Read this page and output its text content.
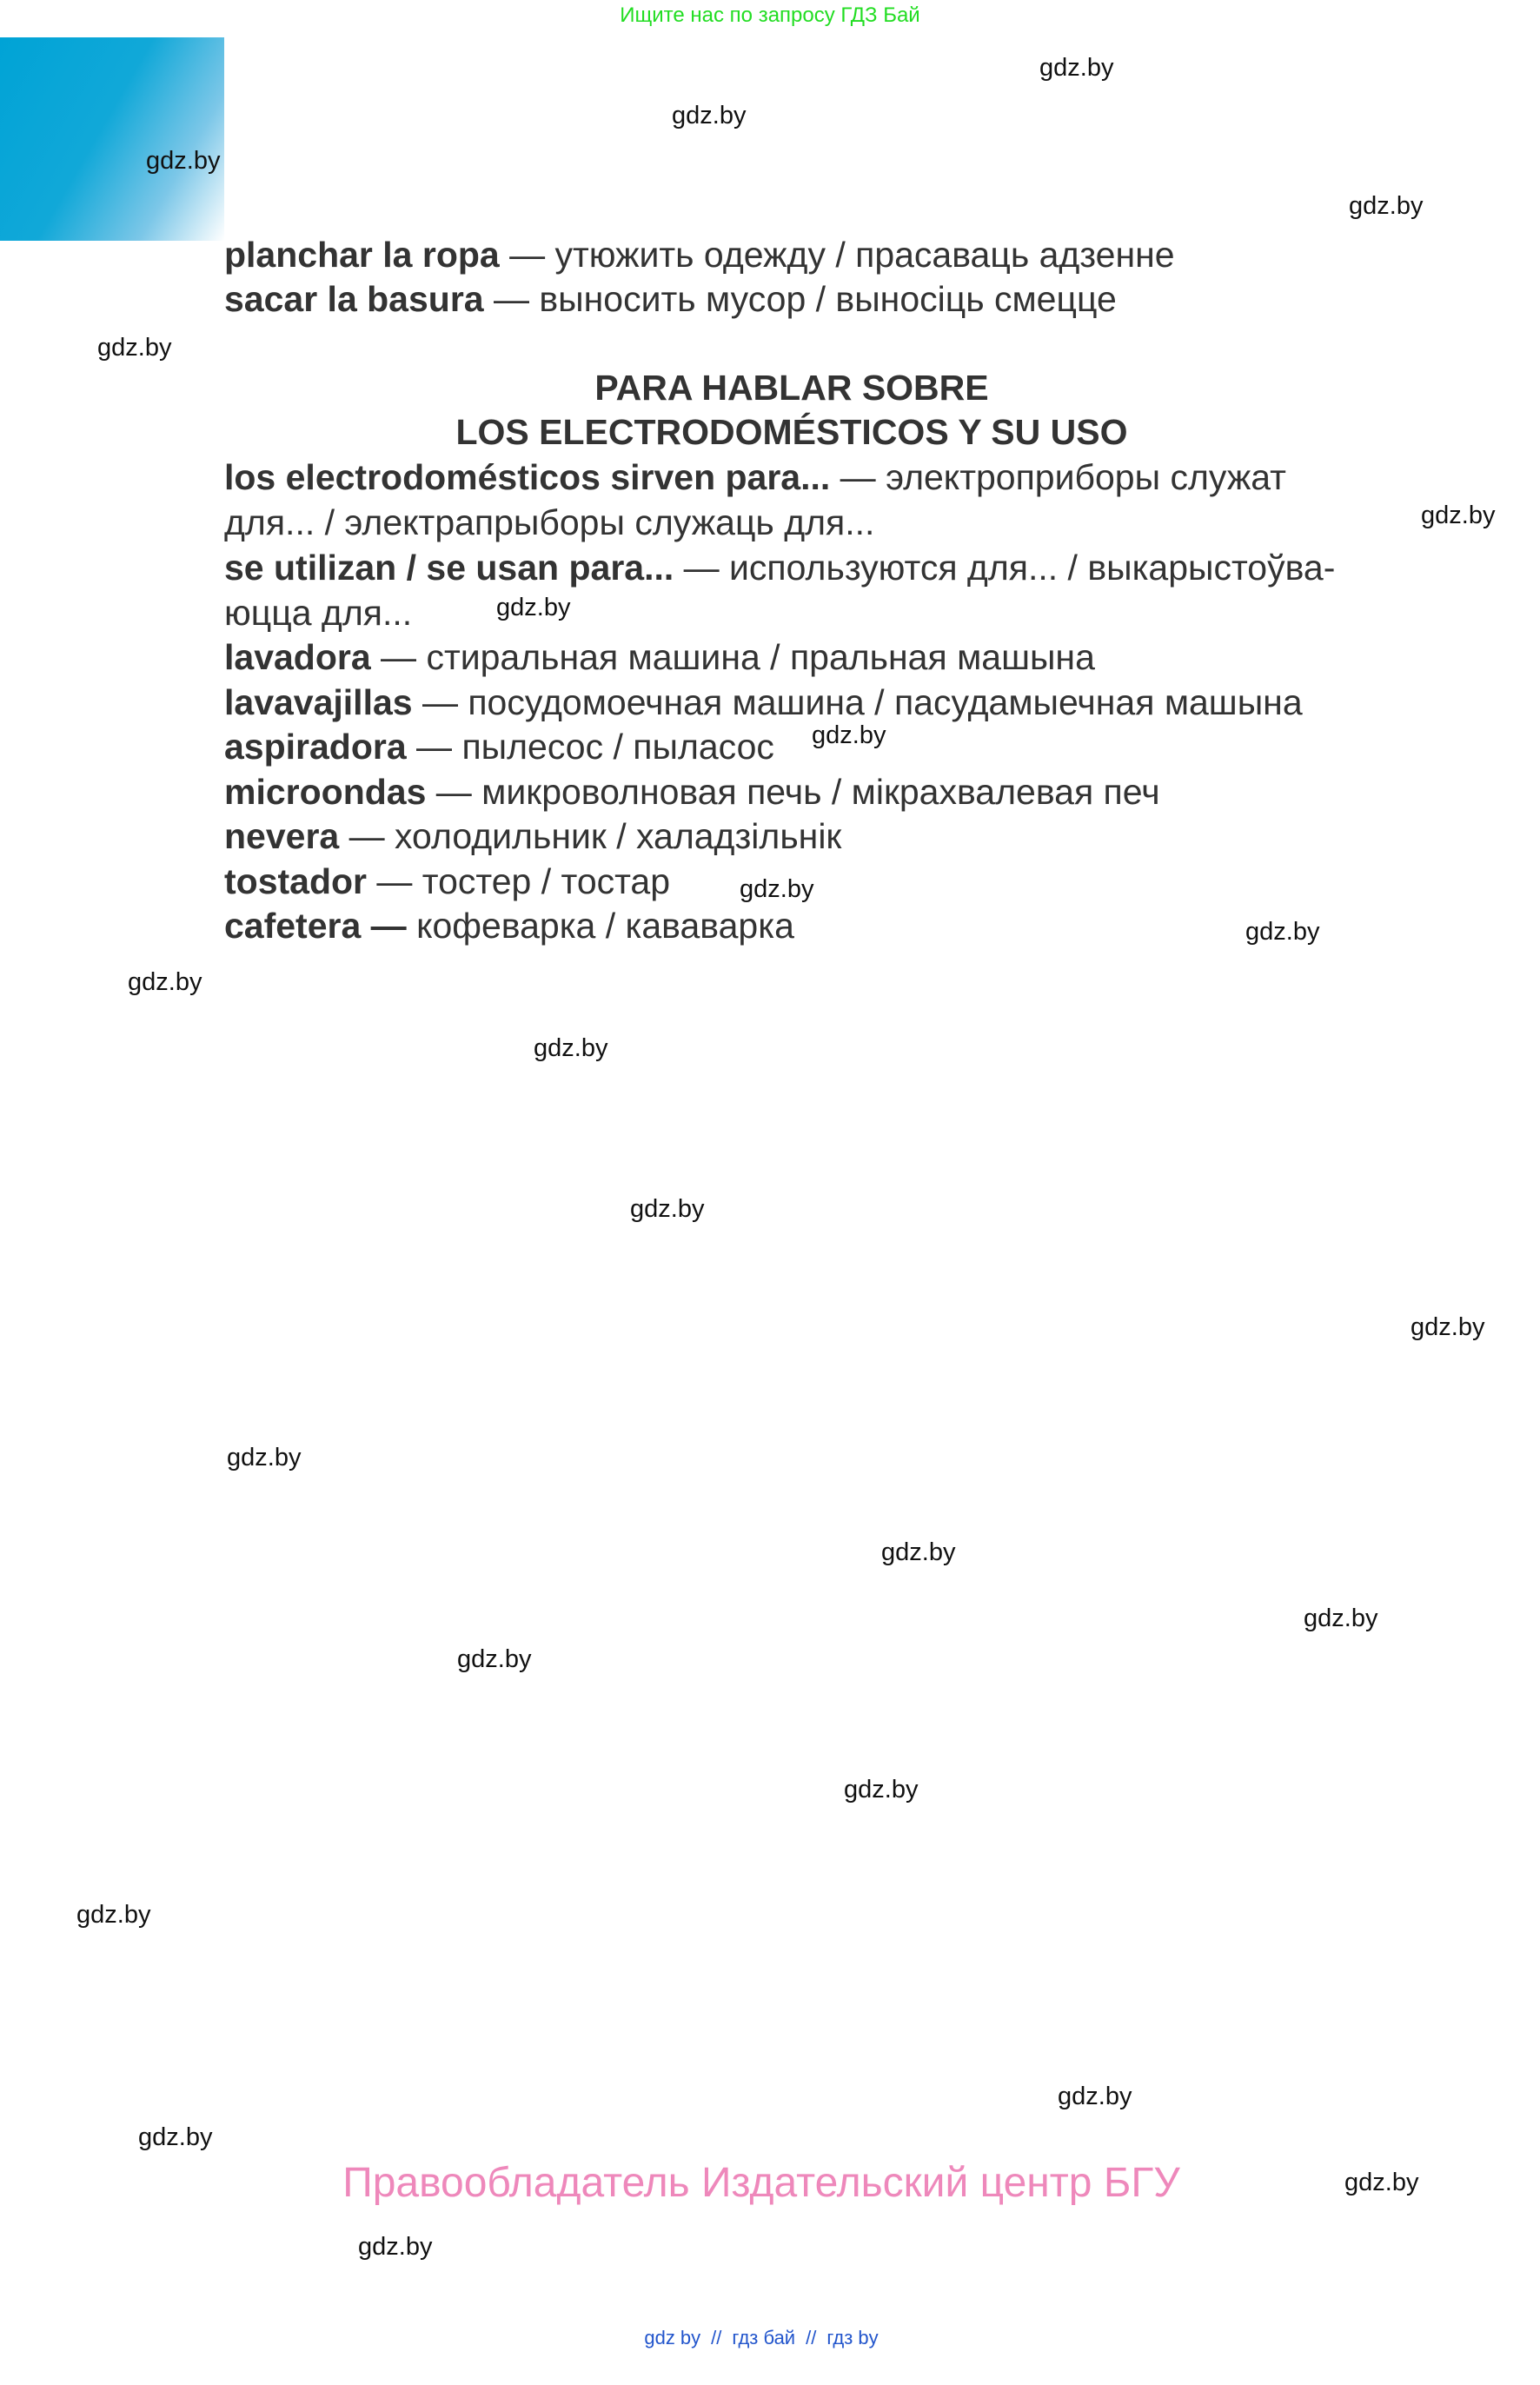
Ищите нас по запросу ГДЗ Бай
planchar la ropa — утюжить одежду / прасаваць адзенне
sacar la basura — выносить мусор / выносіць смецце
PARA HABLAR SOBRE
LOS ELECTRODOMÉSTICOS Y SU USO
los electrodomésticos sirven para... — электроприборы служат
для... / электрапрыборы служаць для...
se utilizan / se usan para... — используются для... / выкарыстоўва-
юцца для...
lavadora — стиральная машина / пральная машына
lavavajillas — посудомоечная машина / пасудамыечная машына
aspiradora — пылесос / пыласос
microondas — микроволновая печь / мікрахвалевая печ
nevera — холодильник / халадзільнік
tostador — тостер / тостар
cafetera — кофеварка / кававарка
gdz.by
gdz.by
gdz.by
gdz.by
gdz.by
gdz.by
gdz.by
gdz.by
gdz.by
gdz.by
gdz.by
gdz.by
gdz.by
gdz.by
gdz.by
gdz.by
gdz.by
gdz.by
gdz.by
gdz.by
gdz.by
gdz.by
gdz.by
gdz.by
Правообладатель Издательский центр БГУ
gdz by // гдз бай // гдз by
